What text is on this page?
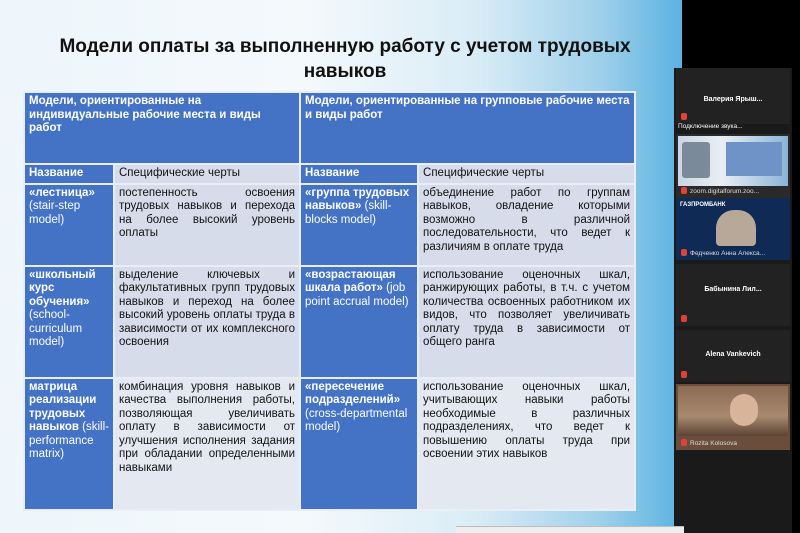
Модели оплаты за выполненную работу с учетом трудовых навыков
Модели, ориентированные на индивидуальные рабочие места и виды работ		Модели, ориентированные на групповые рабочие места и виды работ	
Название	Специфические черты	Название	Специфические черты
«лестница» (stair-step model)	постепенность освоения трудовых навыков и перехода на более высокий уровень оплаты	«группа трудовых навыков» (skill-blocks model)	объединение работ по группам навыков, овладение которыми возможно в различной последовательности, что ведет к различиям в оплате труда
«школьный курс обучения» (school-curriculum model)	выделение ключевых и факультативных групп трудовых навыков и переход на более высокий уровень оплаты труда в зависимости от их комплексного освоения	«возрастающая шкала работ» (job point accrual model)	использование оценочных шкал, ранжирующих работы, в т.ч. с учетом количества освоенных работником их видов, что позволяет увеличивать оплату труда в зависимости от общего ранга
матрица реализации трудовых навыков (skill-performance matrix)	комбинация уровня навыков и качества выполнения работы, позволяющая увеличивать оплату в зависимости от улучшения исполнения задания при обладании определенными навыками	«пересечение подразделений» (cross-departmental model)	использование оценочных шкал, учитывающих навыки работы необходимые в различных подразделениях, что ведет к повышению оплаты труда при освоении этих навыков
Валерия Ярыш...
Подключение звука...
zoom.digitalforum.zoo...
ГАЗПРОМБАНК
Федченко Анна Алекса...
Бабынина Лил...
Alena Vankevich
Rozita Kolosova
